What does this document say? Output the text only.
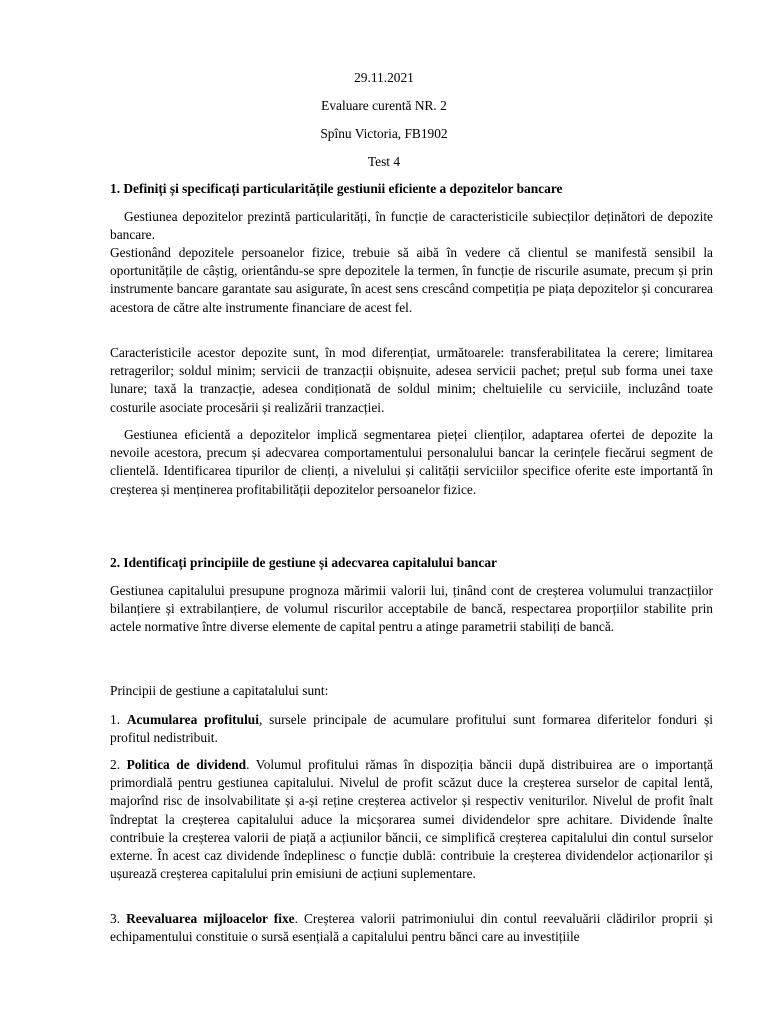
29.11.2021
Evaluare curentă NR. 2
Spînu Victoria, FB1902
Test 4

1. Definiți și specificați particularitățile gestiunii eficiente a depozitelor bancare

Gestiunea depozitelor prezintă particularități, în funcție de caracteristicile subiecților deținători de depozite bancare.

Gestionând depozitele persoanelor fizice, trebuie să aibă în vedere că clientul se manifestă sensibil la oportunitățile de câștig, orientându-se spre depozitele la termen, în funcție de riscurile asumate, precum și prin instrumente bancare garantate sau asigurate, în acest sens crescând competiția pe piața depozitelor și concurarea acestora de către alte instrumente financiare de acest fel.

Caracteristicile acestor depozite sunt, în mod diferențiat, următoarele: transferabilitatea la cerere; limitarea retragerilor; soldul minim; servicii de tranzacții obișnuite, adesea servicii pachet; prețul sub forma unei taxe lunare; taxă la tranzacție, adesea condiționată de soldul minim; cheltuielile cu serviciile, incluzând toate costurile asociate procesării și realizării tranzacției.

Gestiunea eficientă a depozitelor implică segmentarea pieței clienților, adaptarea ofertei de depozite la nevoile acestora, precum și adecvarea comportamentului personalului bancar la cerințele fiecărui segment de clientelă. Identificarea tipurilor de clienți, a nivelului și calității serviciilor specifice oferite este importantă în creșterea și menținerea profitabilității depozitelor persoanelor fizice.

2. Identificați principiile de gestiune și adecvarea capitalului bancar

Gestiunea capitalului presupune prognoza mărimii valorii lui, ținând cont de creșterea volumului tranzacțiilor bilanțiere și extrabilanțiere, de volumul riscurilor acceptabile de bancă, respectarea proporțiilor stabilite prin actele normative între diverse elemente de capital pentru a atinge parametrii stabiliți de bancă.

Principii de gestiune a capitatalului sunt:

1. Acumularea profitului, sursele principale de acumulare profitului sunt formarea diferitelor fonduri și profitul nedistribuit.

2. Politica de dividend. Volumul profitului rămas în dispoziția băncii după distribuirea are o importanță primordială pentru gestiunea capitalului. Nivelul de profit scăzut duce la creșterea surselor de capital lentă, majorînd risc de insolvabilitate și a-și reține creșterea activelor și respectiv veniturilor. Nivelul de profit înalt îndreptat la creșterea capitalului aduce la micșorarea sumei dividendelor spre achitare. Dividende înalte contribuie la creșterea valorii de piață a acțiunilor băncii, ce simplifică creșterea capitalului din contul surselor externe. În acest caz dividende îndeplinesc o funcție dublă: contribuie la creșterea dividendelor acționarilor și ușurează creșterea capitalului prin emisiuni de acțiuni suplementare.

3. Reevaluarea mijloacelor fixe. Creșterea valorii patrimoniului din contul reevaluării clădirilor proprii și echipamentului constituie o sursă esențială a capitalului pentru bănci care au investițiile
